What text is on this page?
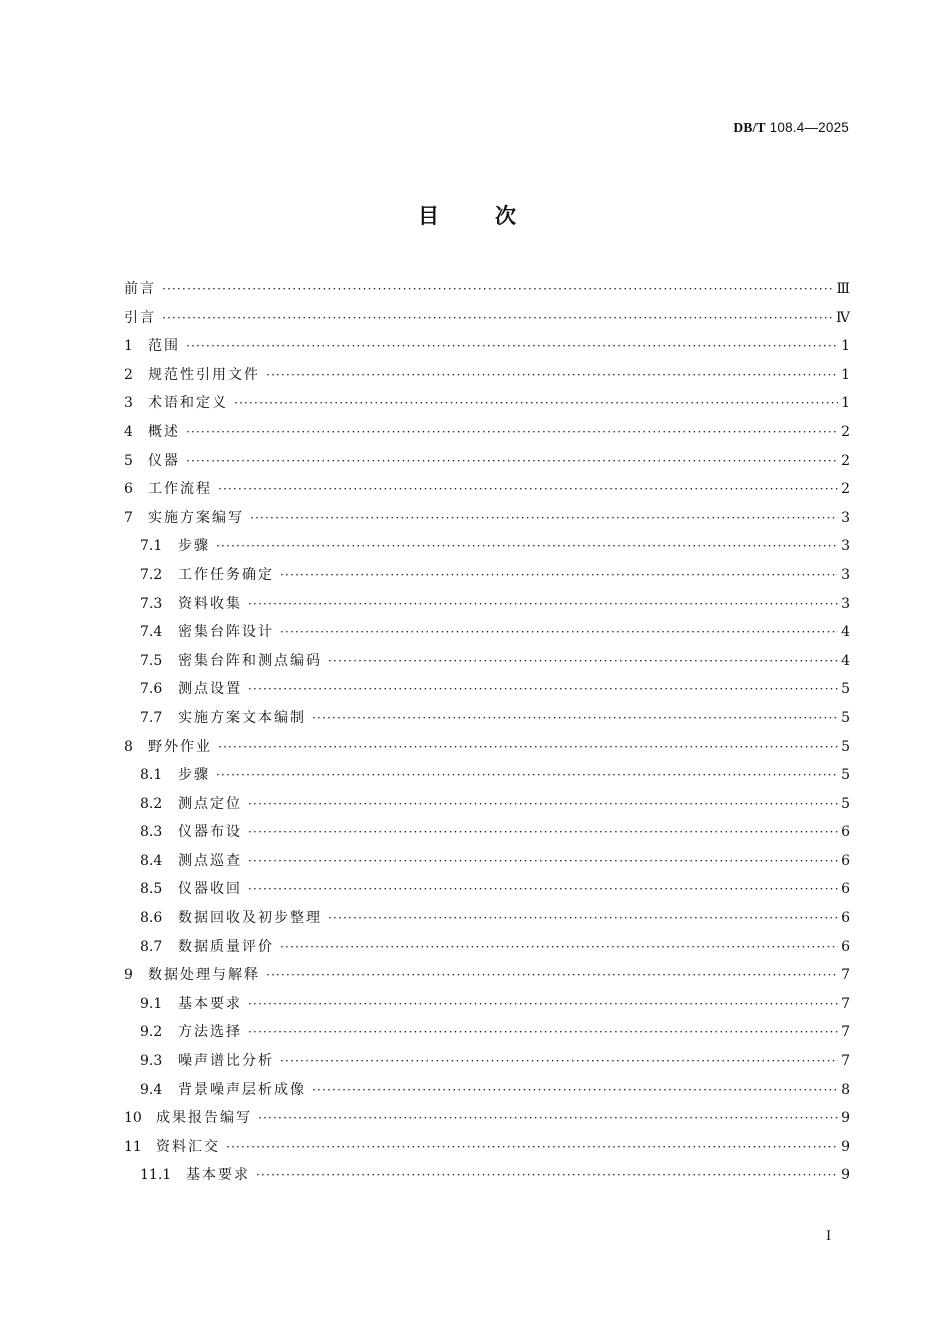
DB/T 108.4—2025
目次
前言 ·····	Ⅲ
引言 ·····	Ⅳ
1	范围 ·····	1
2	规范性引用文件 ·····	1
3	术语和定义 ·····	1
4	概述 ·····	2
5	仪器 ·····	2
6	工作流程 ·····	2
7	实施方案编写 ·····	3
7.1	步骤 ·····	3
7.2	工作任务确定 ·····	3
7.3	资料收集 ·····	3
7.4	密集台阵设计 ·····	4
7.5	密集台阵和测点编码 ·····	4
7.6	测点设置 ·····	5
7.7	实施方案文本编制 ·····	5
8	野外作业 ·····	5
8.1	步骤 ·····	5
8.2	测点定位 ·····	5
8.3	仪器布设 ·····	6
8.4	测点巡查 ·····	6
8.5	仪器收回 ·····	6
8.6	数据回收及初步整理 ·····	6
8.7	数据质量评价 ·····	6
9	数据处理与解释 ·····	7
9.1	基本要求 ·····	7
9.2	方法选择 ·····	7
9.3	噪声谱比分析 ·····	7
9.4	背景噪声层析成像 ·····	8
10	成果报告编写 ·····	9
11	资料汇交 ·····	9
11.1	基本要求 ·····	9
I
